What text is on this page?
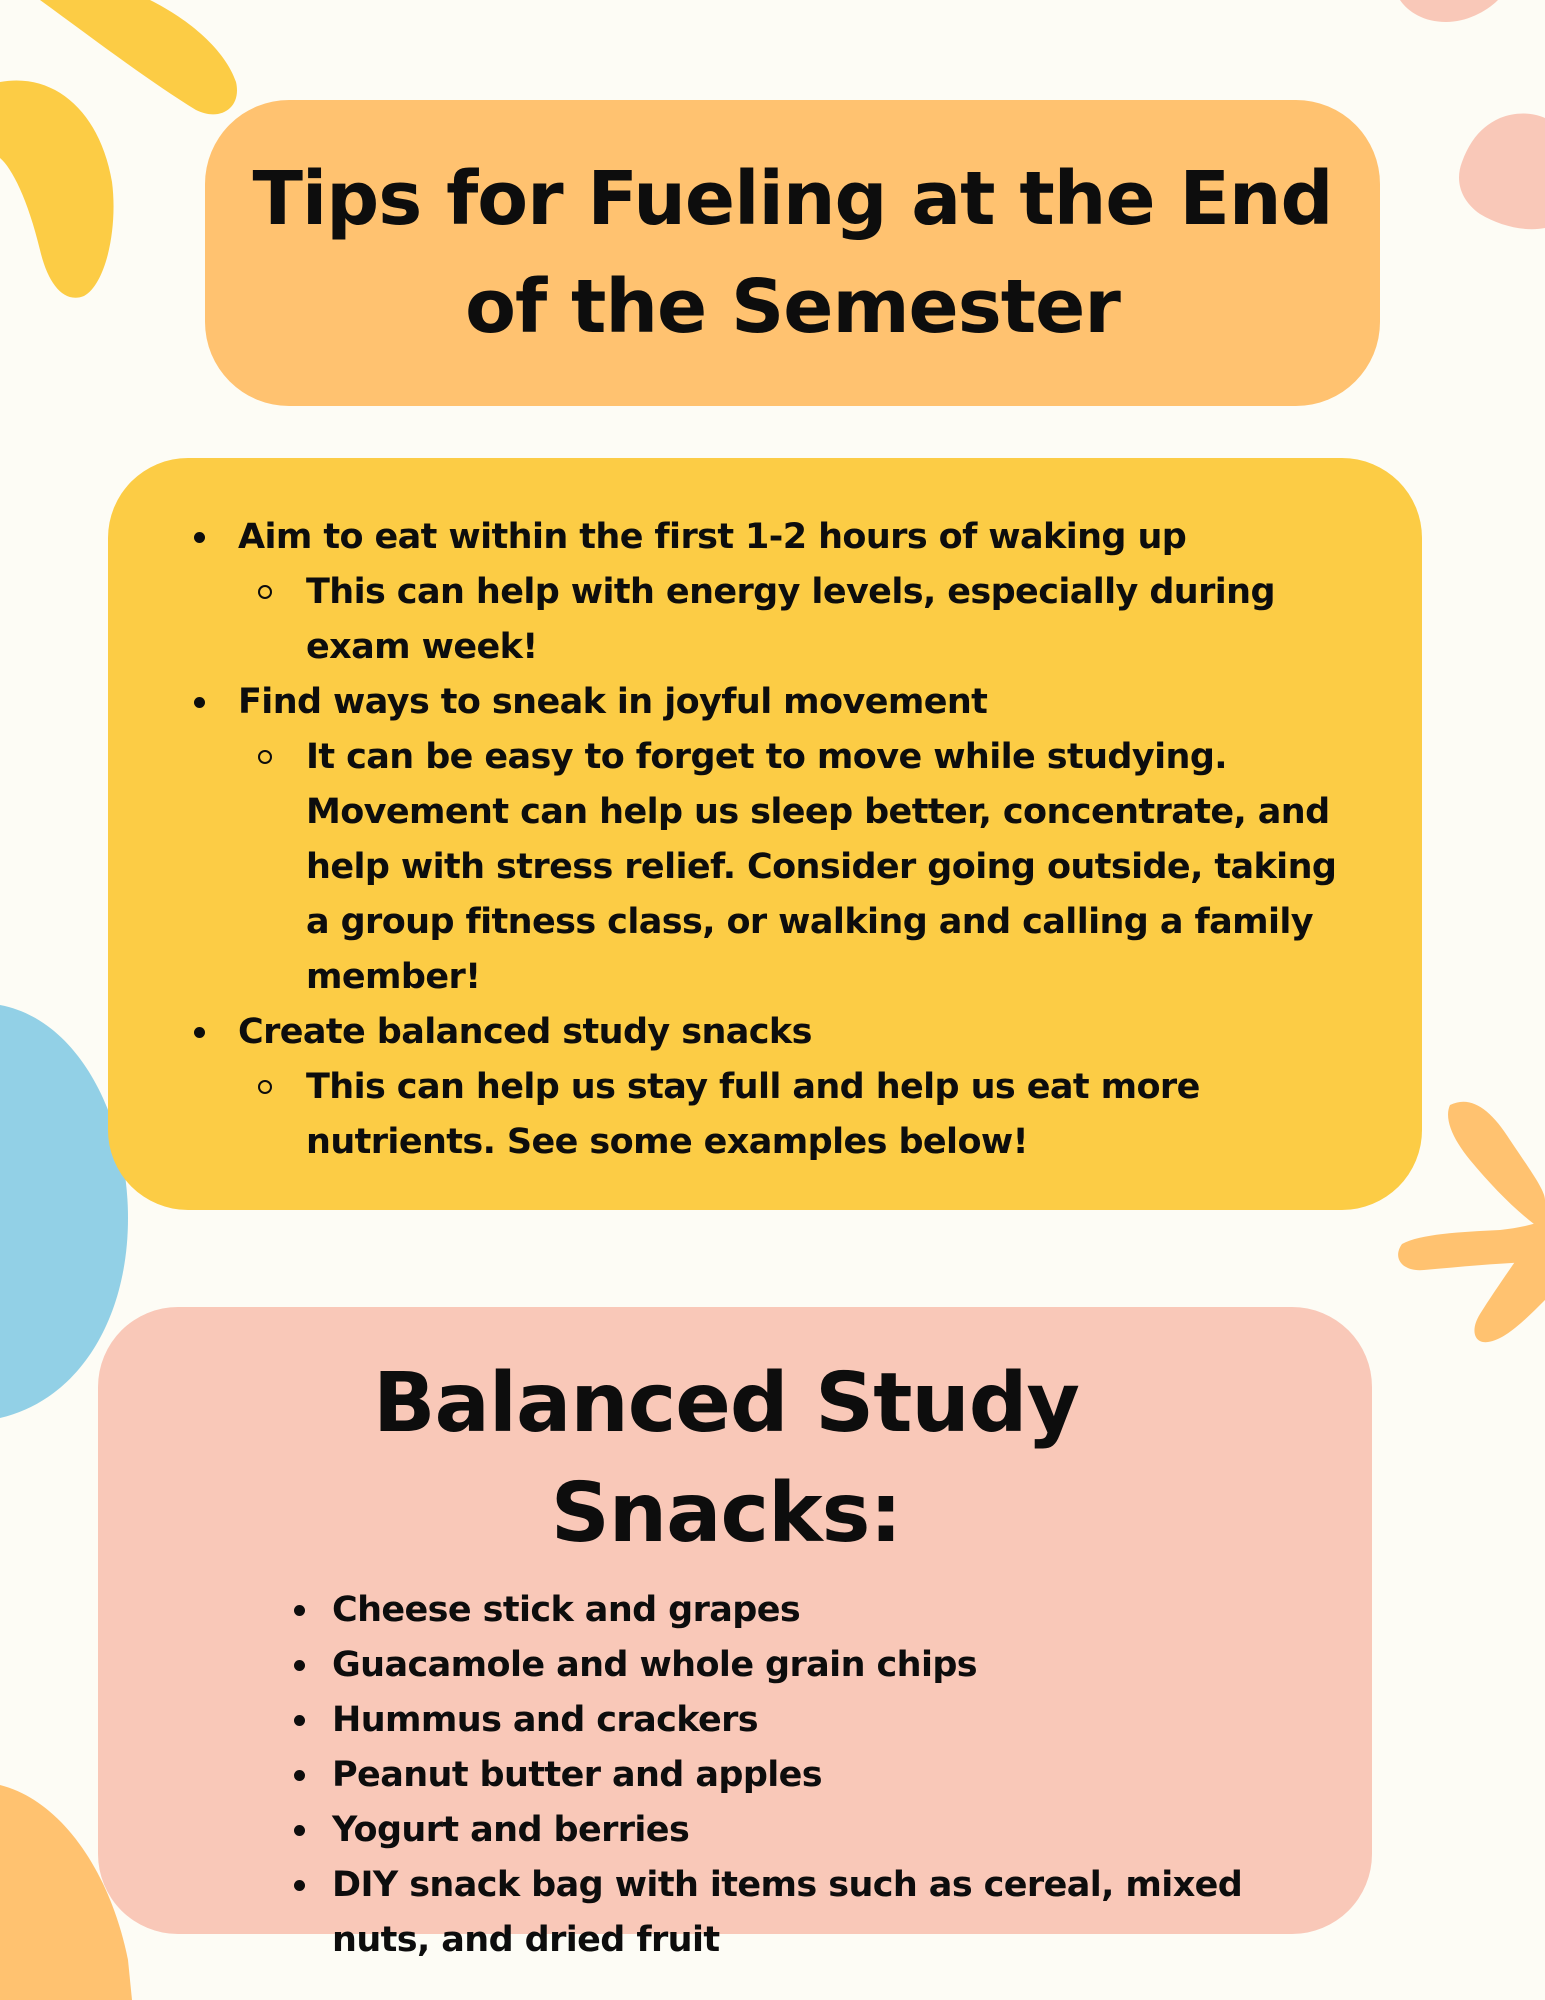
Tips for Fueling at the End of the Semester
Aim to eat within the first 1-2 hours of waking up
This can help with energy levels, especially during exam week!
Find ways to sneak in joyful movement
It can be easy to forget to move while studying. Movement can help us sleep better, concentrate, and help with stress relief. Consider going outside, taking a group fitness class, or walking and calling a family member!
Create balanced study snacks
This can help us stay full and help us eat more nutrients. See some examples below!
Balanced Study Snacks:
Cheese stick and grapes
Guacamole and whole grain chips
Hummus and crackers
Peanut butter and apples
Yogurt and berries
DIY snack bag with items such as cereal, mixed nuts, and dried fruit
